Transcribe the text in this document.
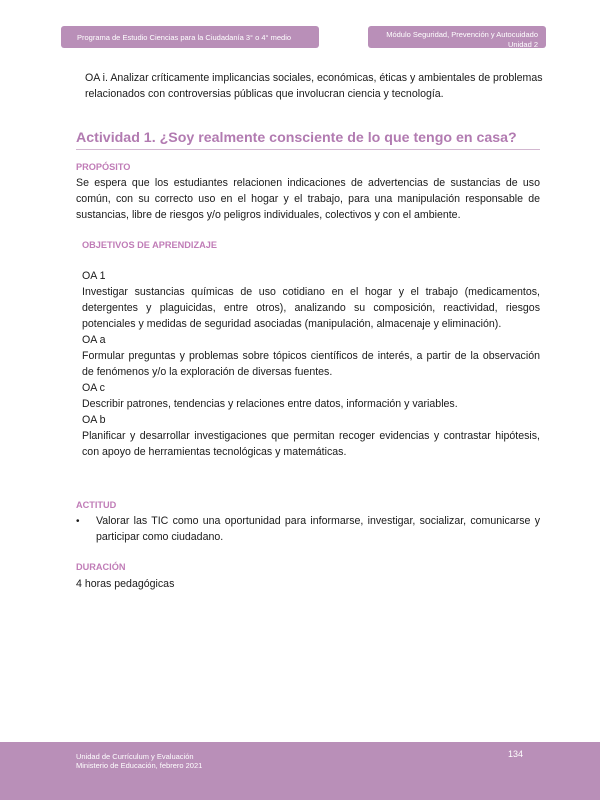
Programa de Estudio Ciencias para la Ciudadanía 3° o 4° medio	Módulo Seguridad, Prevención y Autocuidado
Unidad 2
OA i. Analizar críticamente implicancias sociales, económicas, éticas y ambientales de problemas
relacionados con controversias públicas que involucran ciencia y tecnología.
Actividad 1. ¿Soy realmente consciente de lo que tengo en casa?
PROPÓSITO
Se espera que los estudiantes relacionen indicaciones de advertencias de sustancias de uso común, con su correcto uso en el hogar y el trabajo, para una manipulación responsable de sustancias, libre de riesgos y/o peligros individuales, colectivos y con el ambiente.
OBJETIVOS DE APRENDIZAJE
OA 1
Investigar sustancias químicas de uso cotidiano en el hogar y el trabajo (medicamentos, detergentes y plaguicidas, entre otros), analizando su composición, reactividad, riesgos potenciales y medidas de seguridad asociadas (manipulación, almacenaje y eliminación).
OA a
Formular preguntas y problemas sobre tópicos científicos de interés, a partir de la observación de fenómenos y/o la exploración de diversas fuentes.
OA c
Describir patrones, tendencias y relaciones entre datos, información y variables.
OA b
Planificar y desarrollar investigaciones que permitan recoger evidencias y contrastar hipótesis, con apoyo de herramientas tecnológicas y matemáticas.
ACTITUD
• Valorar las TIC como una oportunidad para informarse, investigar, socializar, comunicarse y participar como ciudadano.
DURACIÓN
4 horas pedagógicas
Unidad de Currículum y Evaluación
Ministerio de Educación, febrero 2021
134
